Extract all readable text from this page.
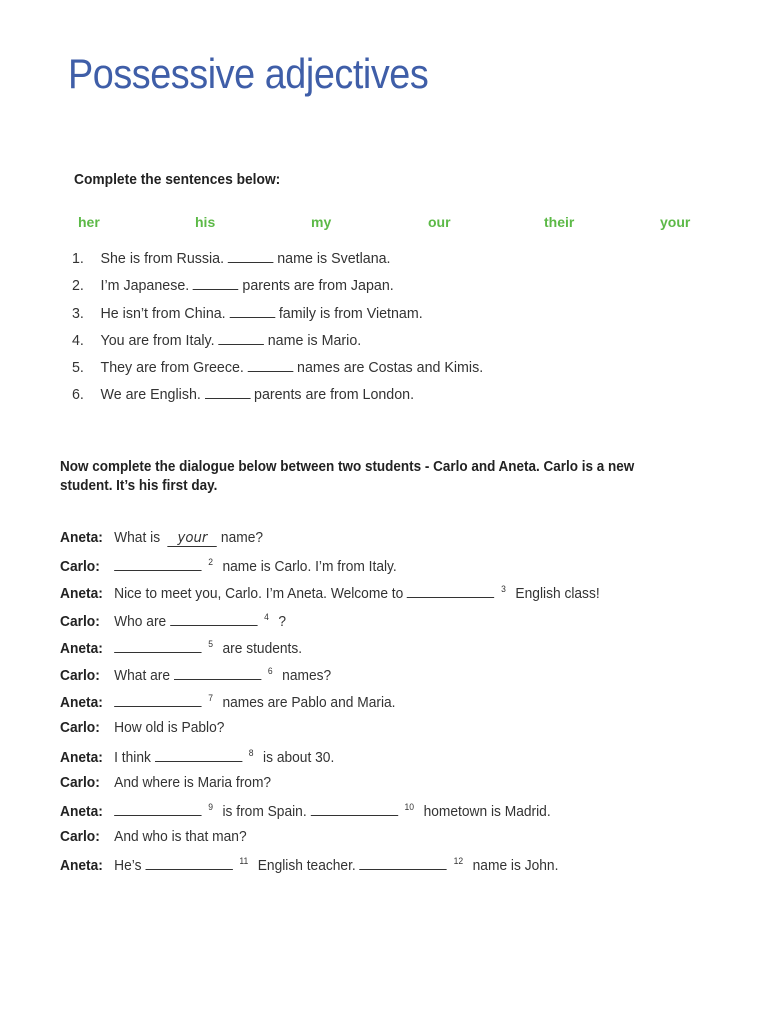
Possessive adjectives
Complete the sentences below:
her	his	my	our	their	your
1. She is from Russia.	name is Svetlana.
2. I’m Japanese.	parents are from Japan.
3. He isn’t from China.	family is from Vietnam.
4. You are from Italy.	name is Mario.
5. They are from Greece.	names are Costas and Kimis.
6. We are English.	parents are from London.
Now complete the dialogue below between two students - Carlo and Aneta. Carlo is a new student. It’s his first day.
Aneta: What is your name?
Carlo:	$^2$ name is Carlo. I’m from Italy.
Aneta: Nice to meet you, Carlo. I’m Aneta. Welcome to	$^3$ English class!
Carlo: Who are	$^4$ ?
Aneta:	$^5$ are students.
Carlo: What are	$^6$ names?
Aneta:	$^7$ names are Pablo and Maria.
Carlo: How old is Pablo?
Aneta: I think	$^8$ is about 30.
Carlo: And where is Maria from?
Aneta:	$^9$ is from Spain.	$^{10}$ hometown is Madrid.
Carlo: And who is that man?
Aneta: He’s	$^{11}$ English teacher.	$^{12}$ name is John.
